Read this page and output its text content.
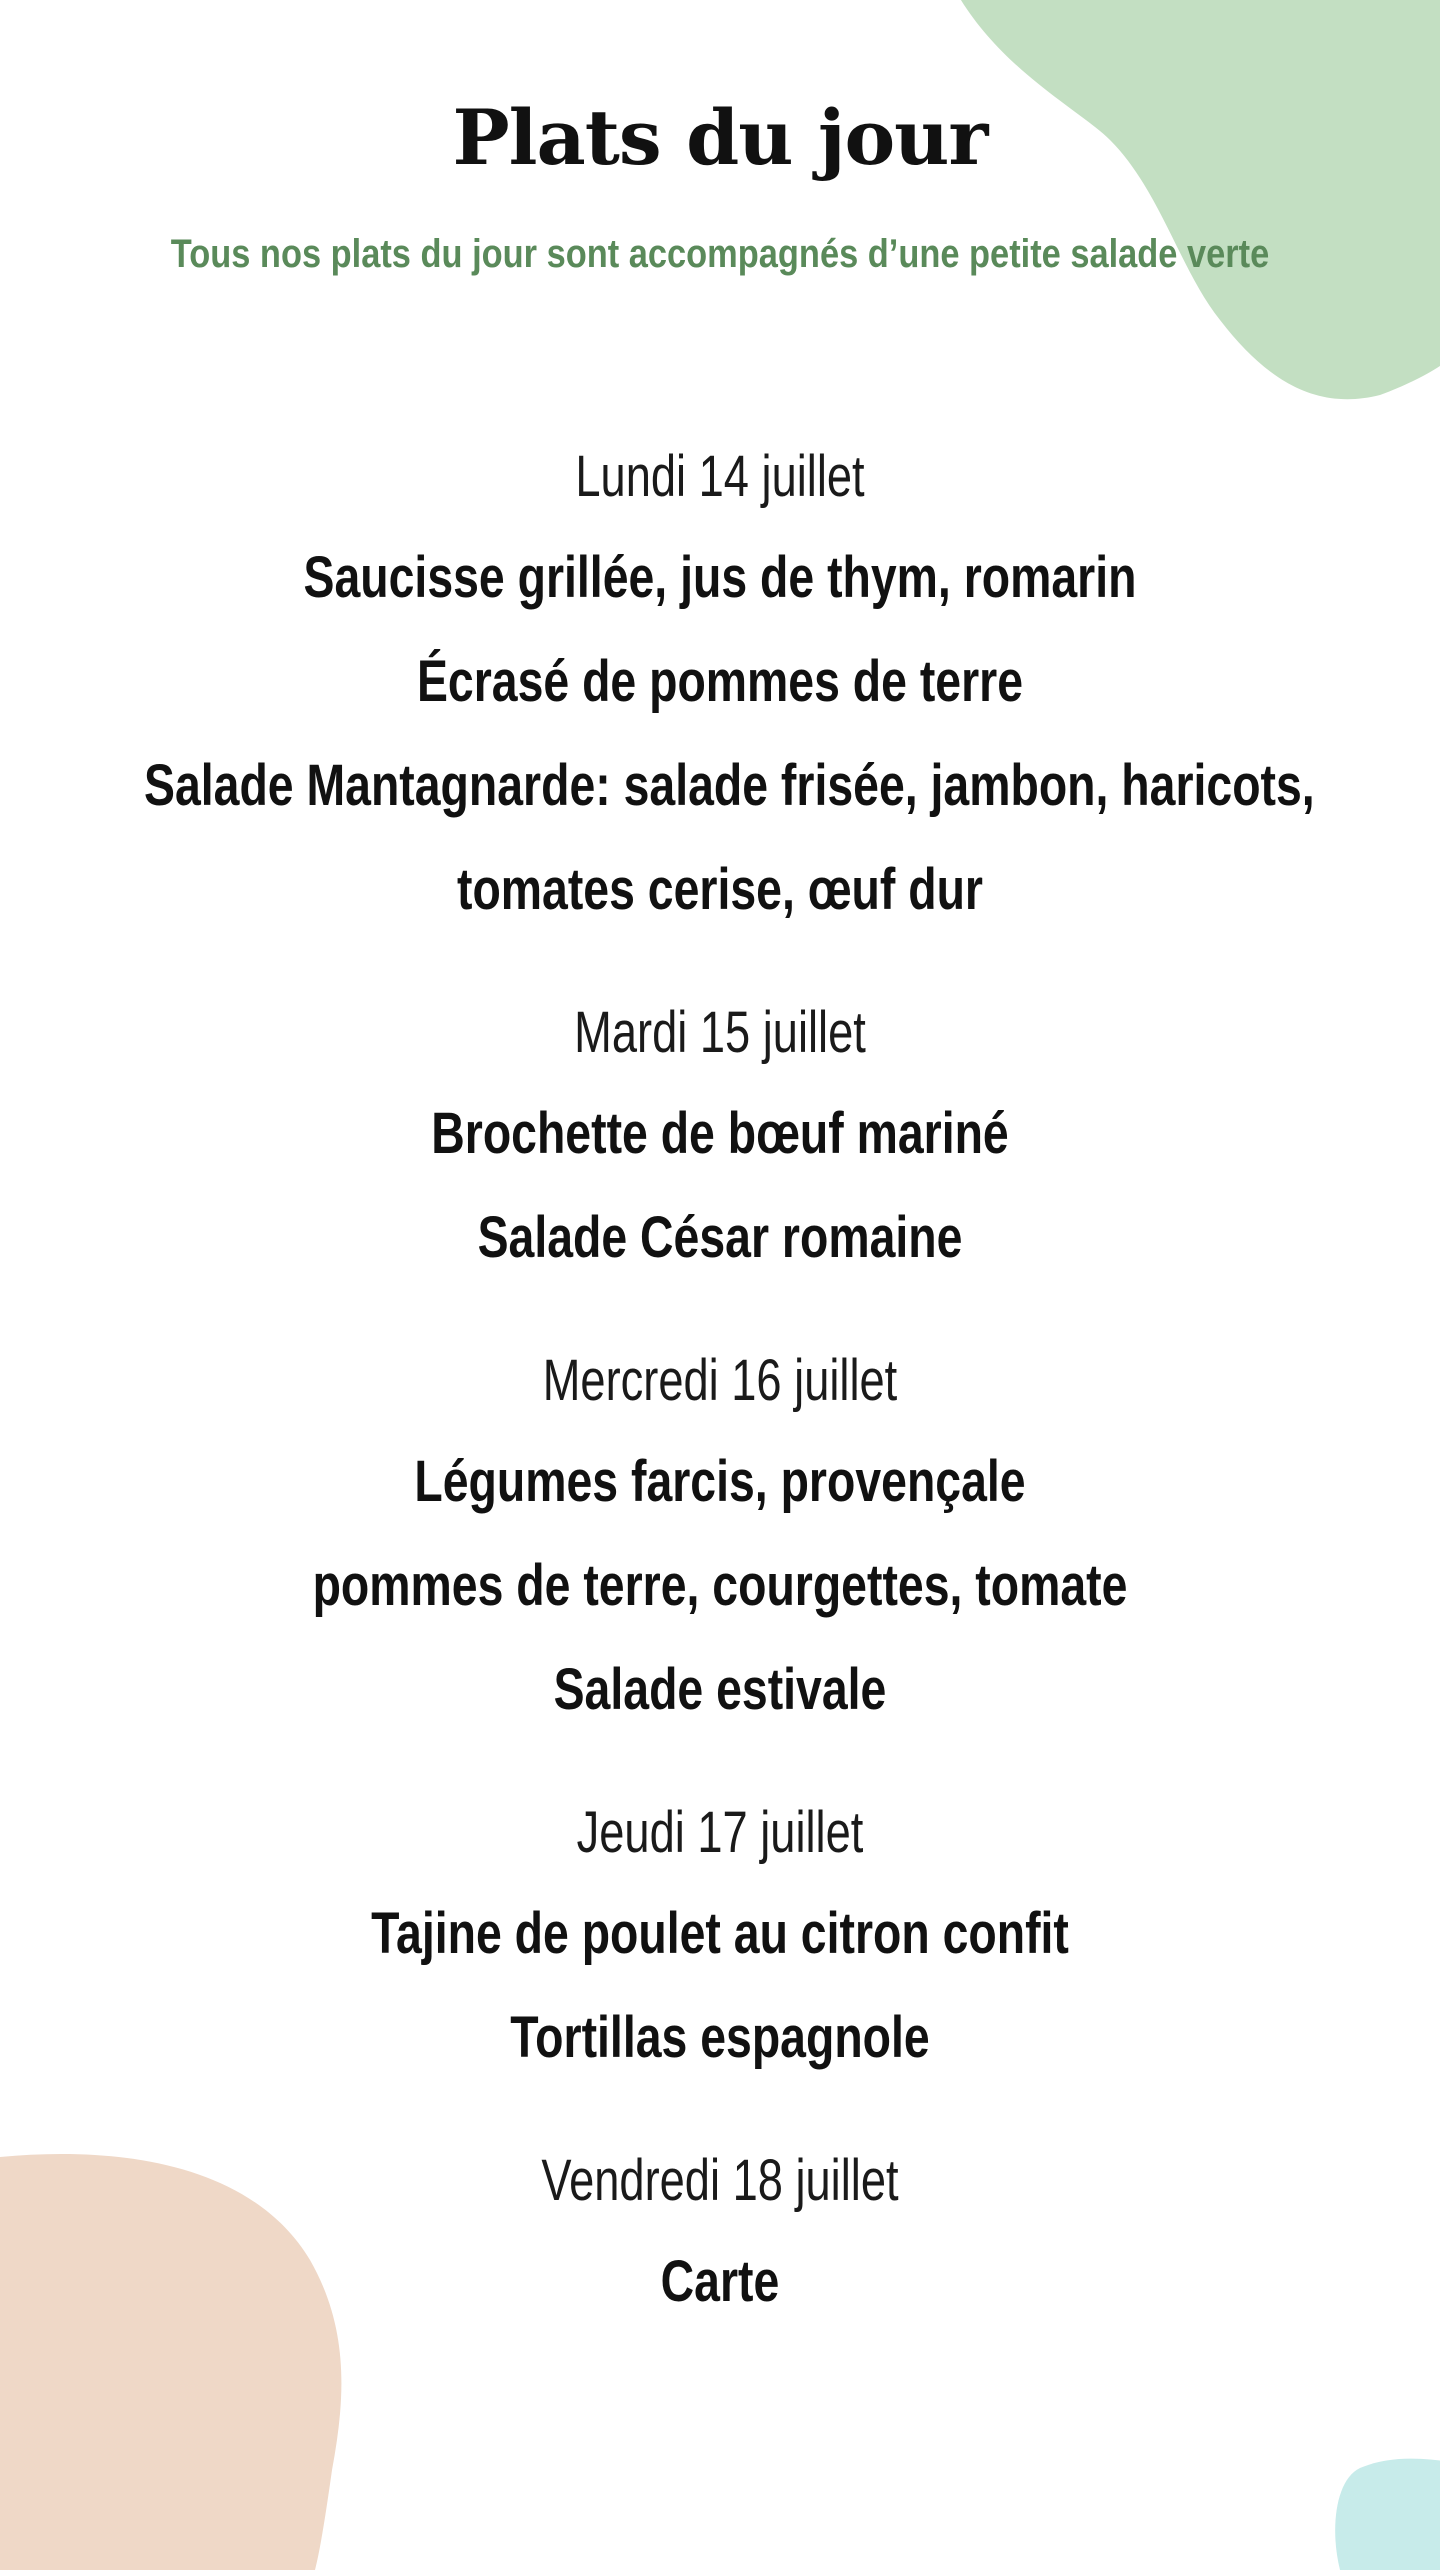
Plats du jour

Tous nos plats du jour sont accompagnés d’une petite salade verte

Lundi 14 juillet
Saucisse grillée, jus de thym, romarin
Écrasé de pommes de terre
Salade Mantagnarde: salade frisée, jambon, haricots,
tomates cerise, œuf dur
Mardi 15 juillet
Brochette de bœuf mariné
Salade César romaine
Mercredi 16 juillet
Légumes farcis, provençale
pommes de terre, courgettes, tomate
Salade estivale
Jeudi 17 juillet
Tajine de poulet au citron confit
Tortillas espagnole
Vendredi 18 juillet
Carte
